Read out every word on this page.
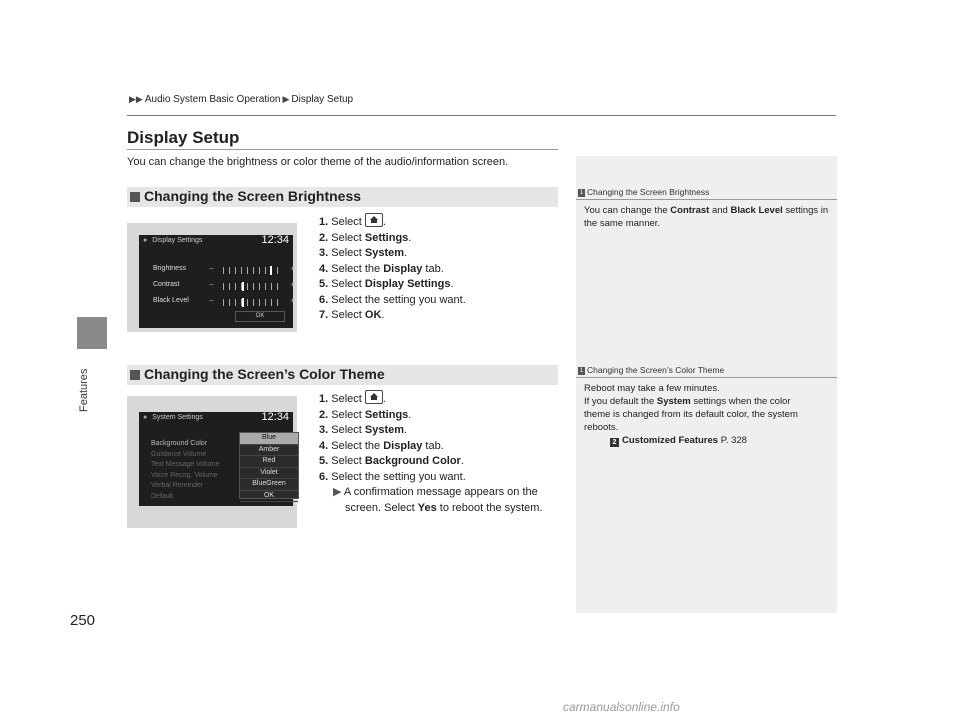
Features
250
▶▶ Audio System Basic Operation ▶ Display Setup
Display Setup
You can change the brightness or color theme of the audio/information screen.
Changing the Screen Brightness
1. Select .
2. Select Settings.
3. Select System.
4. Select the Display tab.
5. Select Display Settings.
6. Select the setting you want.
7. Select OK.
● Display Settings	12:34
Brightness	−	+
Contrast	−	+
Black Level	−	+
OK
1 Changing the Screen Brightness
You can change the Contrast and Black Level settings in the same manner.
Changing the Screen’s Color Theme
1. Select .
2. Select Settings.
3. Select System.
4. Select the Display tab.
5. Select Background Color.
6. Select the setting you want.
▶ A confirmation message appears on the
screen. Select Yes to reboot the system.
● System Settings	12:34
Background Color
Guidance Volume
Text Message Volume
Voice Recog. Volume
Verbal Reminder
Default
Blue
Amber
Red
Violet
BlueGreen
OK
1 Changing the Screen’s Color Theme
Reboot may take a few minutes.
If you default the System settings when the color
theme is changed from its default color, the system
reboots.
2 Customized Features P. 328
carmanualsonline.info
